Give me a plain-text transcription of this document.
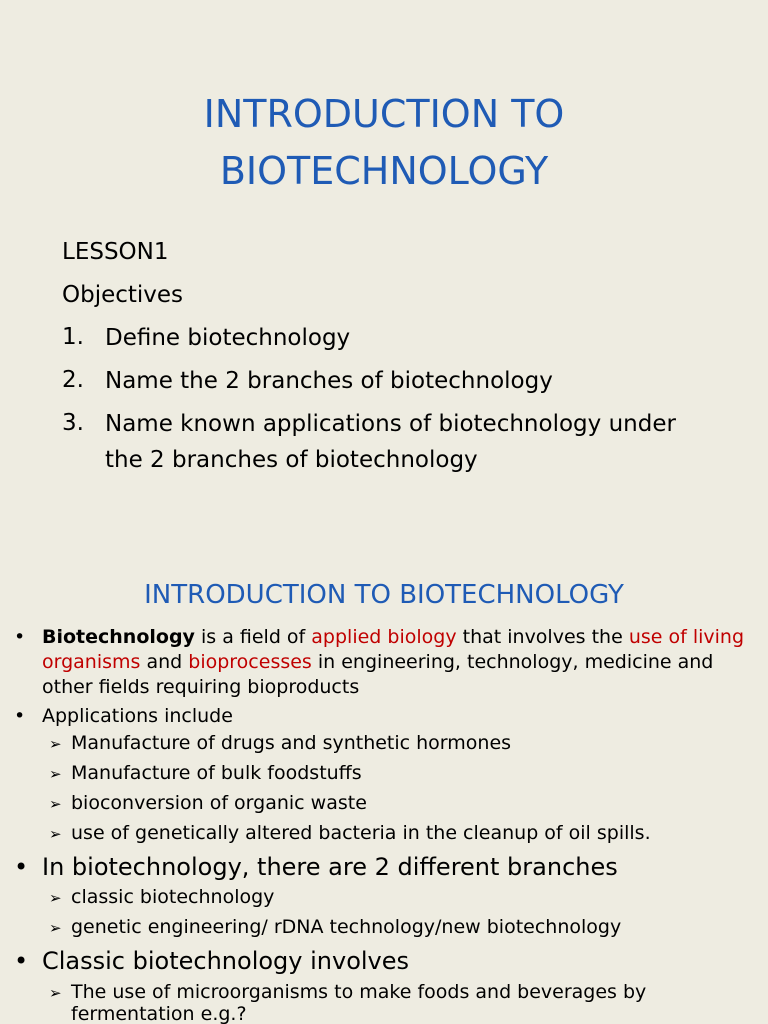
INTRODUCTION TO
BIOTECHNOLOGY
LESSON1
Objectives
1. Define biotechnology
2. Name the 2 branches of biotechnology
3. Name known applications of biotechnology under
the 2 branches of biotechnology
INTRODUCTION TO BIOTECHNOLOGY
•
Biotechnology is a field of applied biology that involves the use of living organisms and bioprocesses in engineering, technology, medicine and other fields requiring bioproducts
•
Applications include
➢
Manufacture of drugs and synthetic hormones
➢
Manufacture of bulk foodstuffs
➢
bioconversion of organic waste
➢
use of genetically altered bacteria in the cleanup of oil spills.
•
In biotechnology, there are 2 different branches
➢
classic biotechnology
➢
genetic engineering/ rDNA technology/new biotechnology
•
Classic biotechnology involves
➢
The use of microorganisms to make foods and beverages by fermentation e.g.?
